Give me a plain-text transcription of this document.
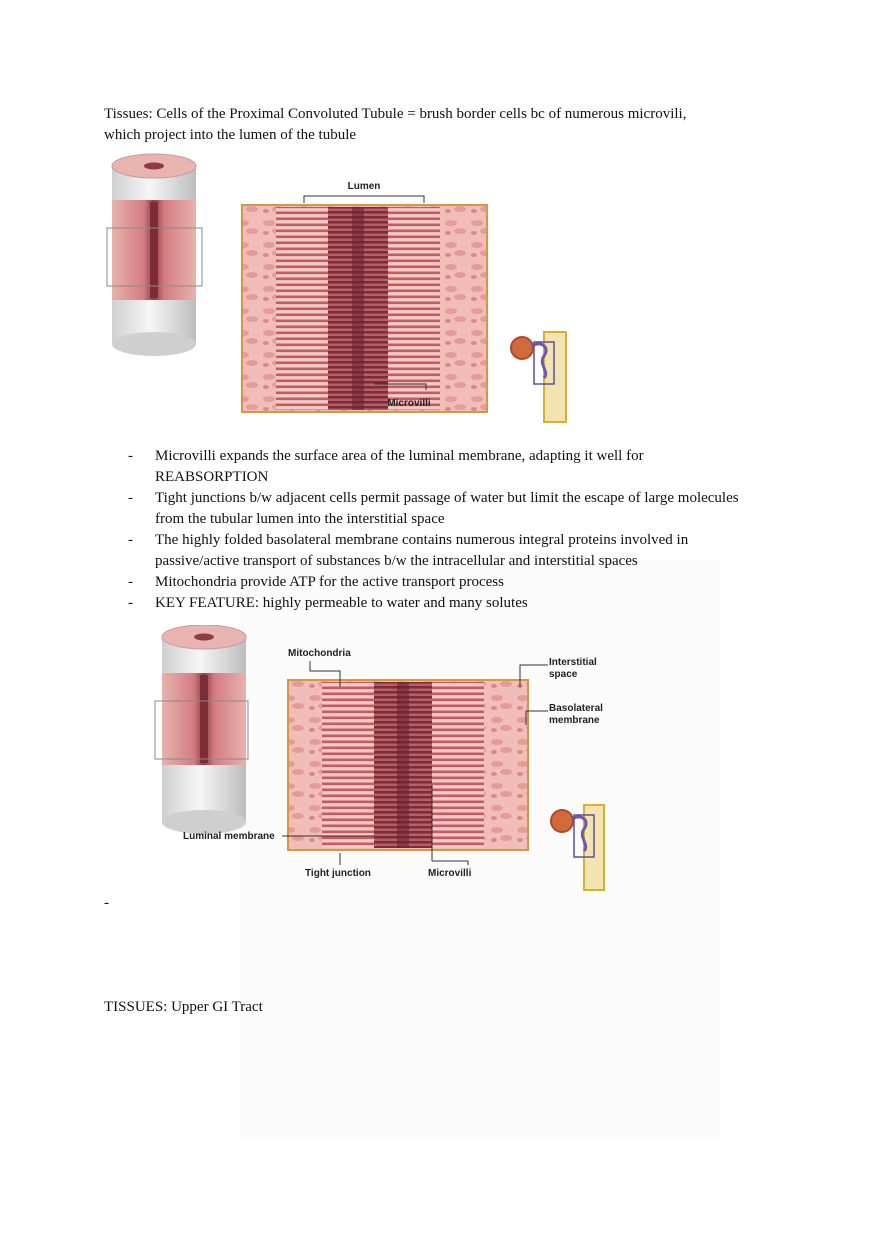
Tissues: Cells of the Proximal Convoluted Tubule = brush border cells bc of numerous microvili,
which project into the lumen of the tubule

Lumen
Microvilli
- Microvilli expands the surface area of the luminal membrane, adapting it well for REABSORPTION
- Tight junctions b/w adjacent cells permit passage of water but limit the escape of large molecules from the tubular lumen into the interstitial space
- The highly folded basolateral membrane contains numerous integral proteins involved in passive/active transport of substances b/w the intracellular and interstitial spaces
- Mitochondria provide ATP for the active transport process
- KEY FEATURE: highly permeable to water and many solutes
Mitochondria
Interstitial
space
Basolateral
membrane
Luminal membrane
Tight junction	Microvilli

-

TISSUES: Upper GI Tract
